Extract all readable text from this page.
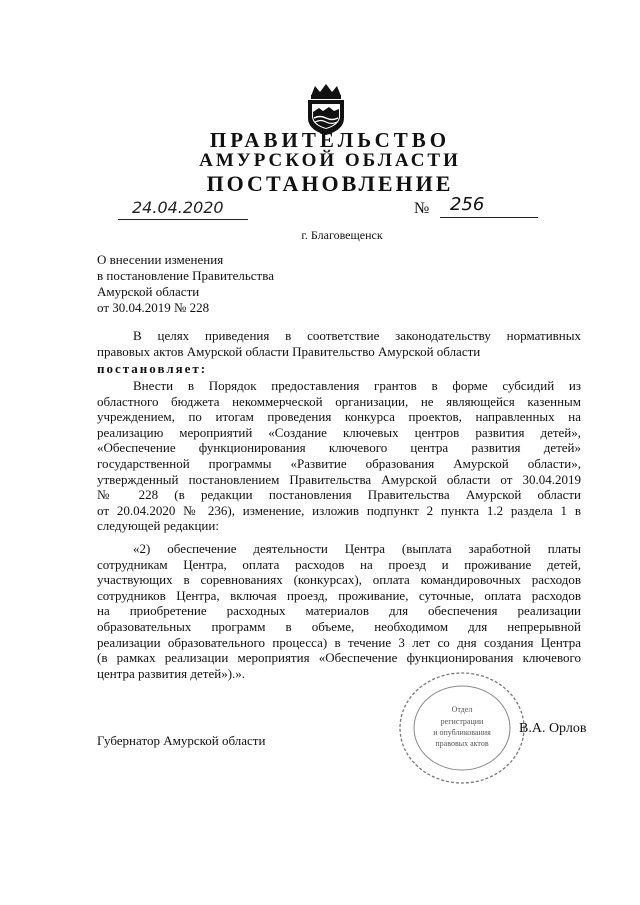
ПРАВИТЕЛЬСТВО
АМУРСКОЙ ОБЛАСТИ
ПОСТАНОВЛЕНИЕ
24.04.2020	№	256
г. Благовещенск
О внесении изменения
в постановление Правительства
Амурской области
от 30.04.2019 № 228
В целях приведения в соответствие законодательству нормативных
правовых актов Амурской области Правительство Амурской области
постановляет:
Внести в Порядок предоставления грантов в форме субсидий из
областного бюджета некоммерческой организации, не являющейся казенным
учреждением, по итогам проведения конкурса проектов, направленных на
реализацию мероприятий «Создание ключевых центров развития детей»,
«Обеспечение функционирования ключевого центра развития детей»
государственной программы «Развитие образования Амурской области»,
утвержденный постановлением Правительства Амурской области от 30.04.2019
№ 228 (в редакции постановления Правительства Амурской области
от 20.04.2020 № 236), изменение, изложив подпункт 2 пункта 1.2 раздела 1 в
следующей редакции:
«2) обеспечение деятельности Центра (выплата заработной платы
сотрудникам Центра, оплата расходов на проезд и проживание детей,
участвующих в соревнованиях (конкурсах), оплата командировочных расходов
сотрудников Центра, включая проезд, проживание, суточные, оплата расходов
на приобретение расходных материалов для обеспечения реализации
образовательных программ в объеме, необходимом для непрерывной
реализации образовательного процесса) в течение 3 лет со дня создания Центра
(в рамках реализации мероприятия «Обеспечение функционирования ключевого
центра развития детей»).».
Отдел
регистрации
и опубликования
правовых актов
Губернатор Амурской области
В.А. Орлов
